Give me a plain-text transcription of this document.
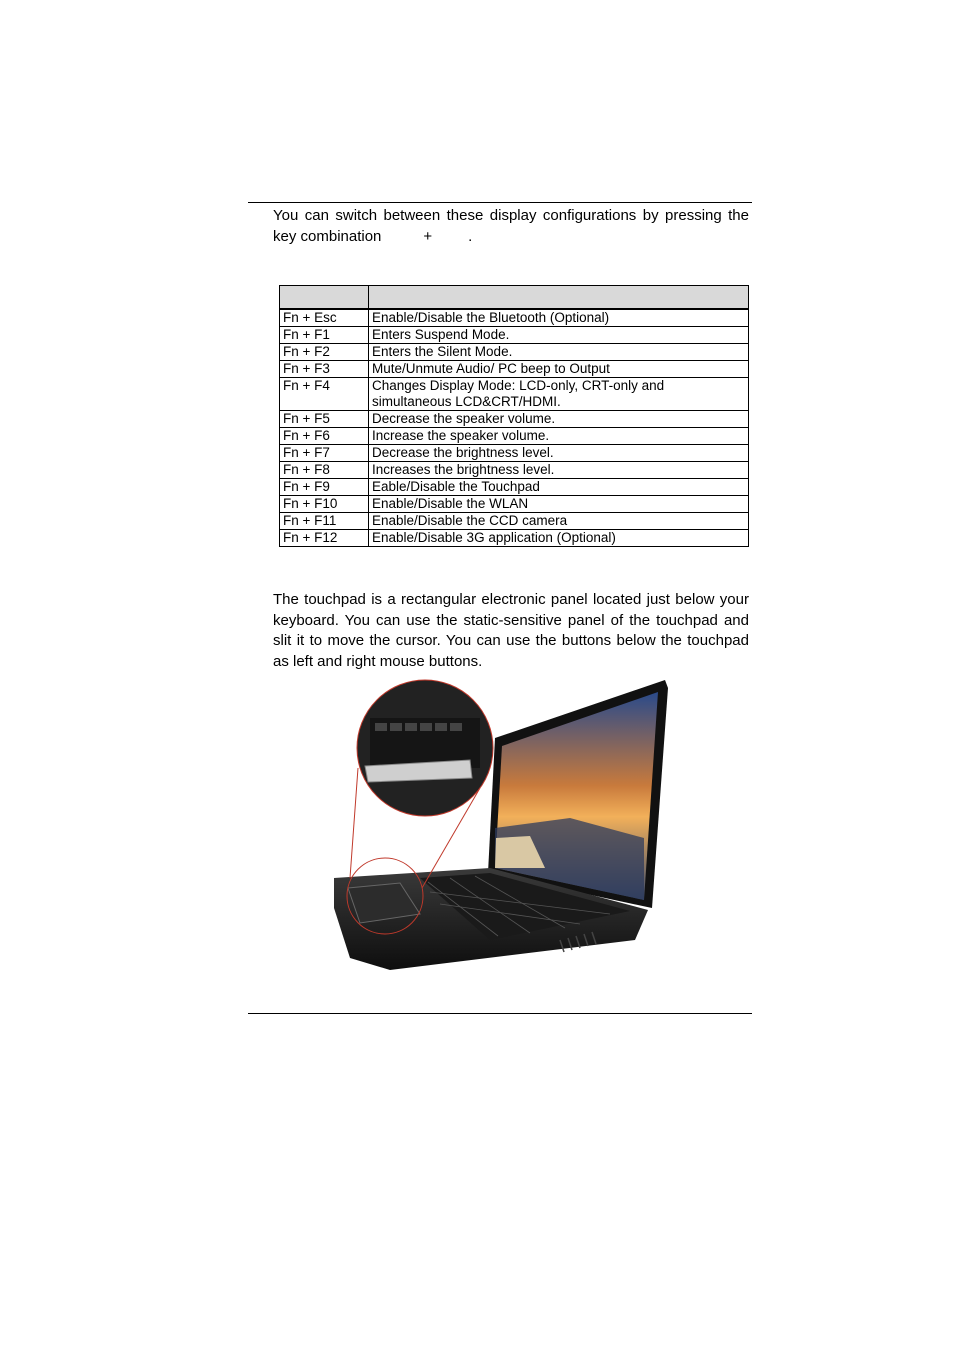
You can switch between these display configurations by pressing the key combination	+ .

Fn + Esc	Enable/Disable the Bluetooth (Optional)
Fn + F1	Enters Suspend Mode.
Fn + F2	Enters the Silent Mode.
Fn + F3	Mute/Unmute Audio/ PC beep to Output
Fn + F4	Changes Display Mode: LCD-only, CRT-only and simultaneous LCD&CRT/HDMI.
Fn + F5	Decrease the speaker volume.
Fn + F6	Increase the speaker volume.
Fn + F7	Decrease the brightness level.
Fn + F8	Increases the brightness level.
Fn + F9	Eable/Disable the Touchpad
Fn + F10	Enable/Disable the WLAN
Fn + F11	Enable/Disable the CCD camera
Fn + F12	Enable/Disable 3G application (Optional)

The touchpad is a rectangular electronic panel located just below your keyboard. You can use the static-sensitive panel of the touchpad and slit it to move the cursor. You can use the buttons below the touchpad as left and right mouse buttons.
